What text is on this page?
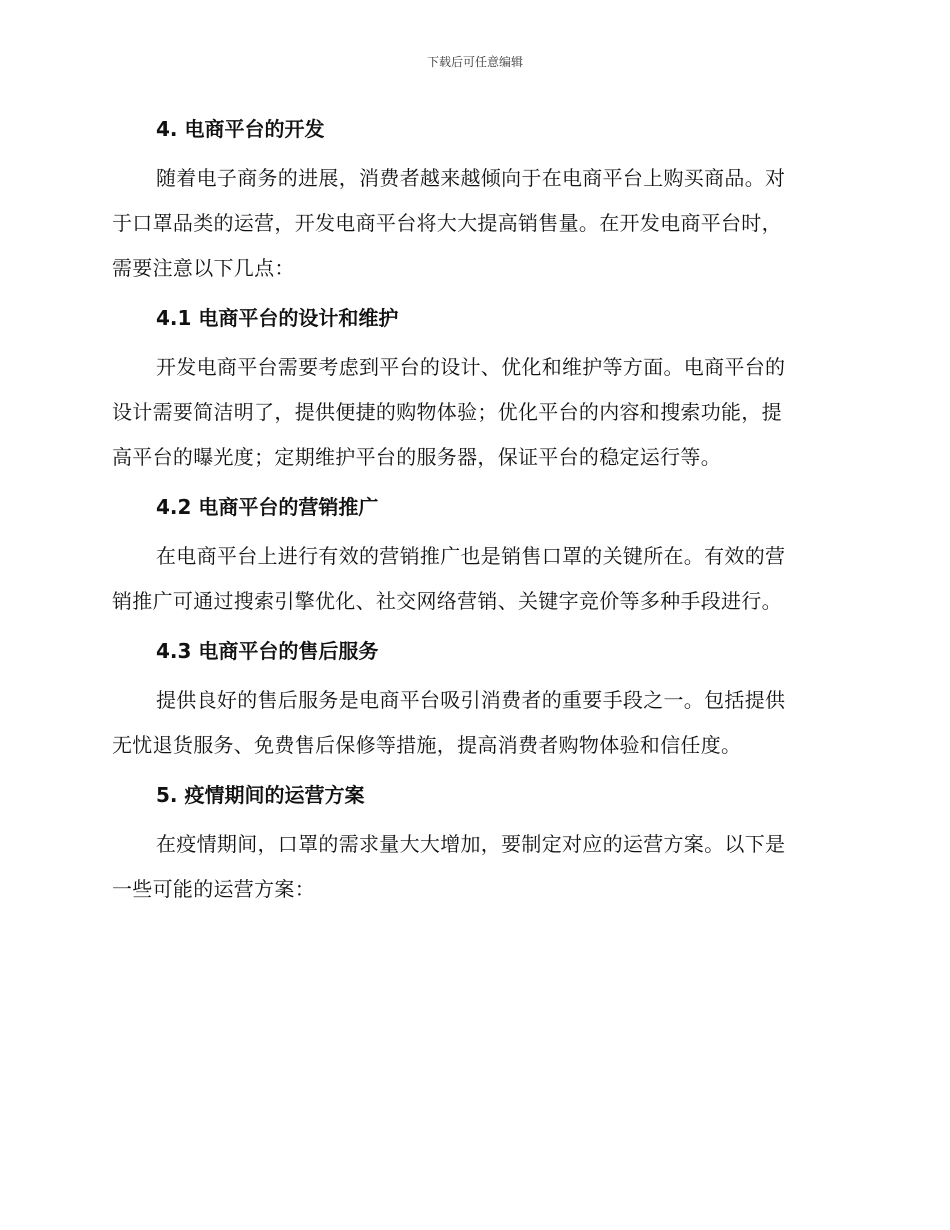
下载后可任意编辑
4. 电商平台的开发
随着电子商务的进展，消费者越来越倾向于在电商平台上购买商品。对
于口罩品类的运营，开发电商平台将大大提高销售量。在开发电商平台时，
需要注意以下几点：
4.1 电商平台的设计和维护
开发电商平台需要考虑到平台的设计、优化和维护等方面。电商平台的
设计需要简洁明了，提供便捷的购物体验；优化平台的内容和搜索功能，提
高平台的曝光度；定期维护平台的服务器，保证平台的稳定运行等。
4.2 电商平台的营销推广
在电商平台上进行有效的营销推广也是销售口罩的关键所在。有效的营
销推广可通过搜索引擎优化、社交网络营销、关键字竞价等多种手段进行。
4.3 电商平台的售后服务
提供良好的售后服务是电商平台吸引消费者的重要手段之一。包括提供
无忧退货服务、免费售后保修等措施，提高消费者购物体验和信任度。
5. 疫情期间的运营方案
在疫情期间，口罩的需求量大大增加，要制定对应的运营方案。以下是
一些可能的运营方案：
